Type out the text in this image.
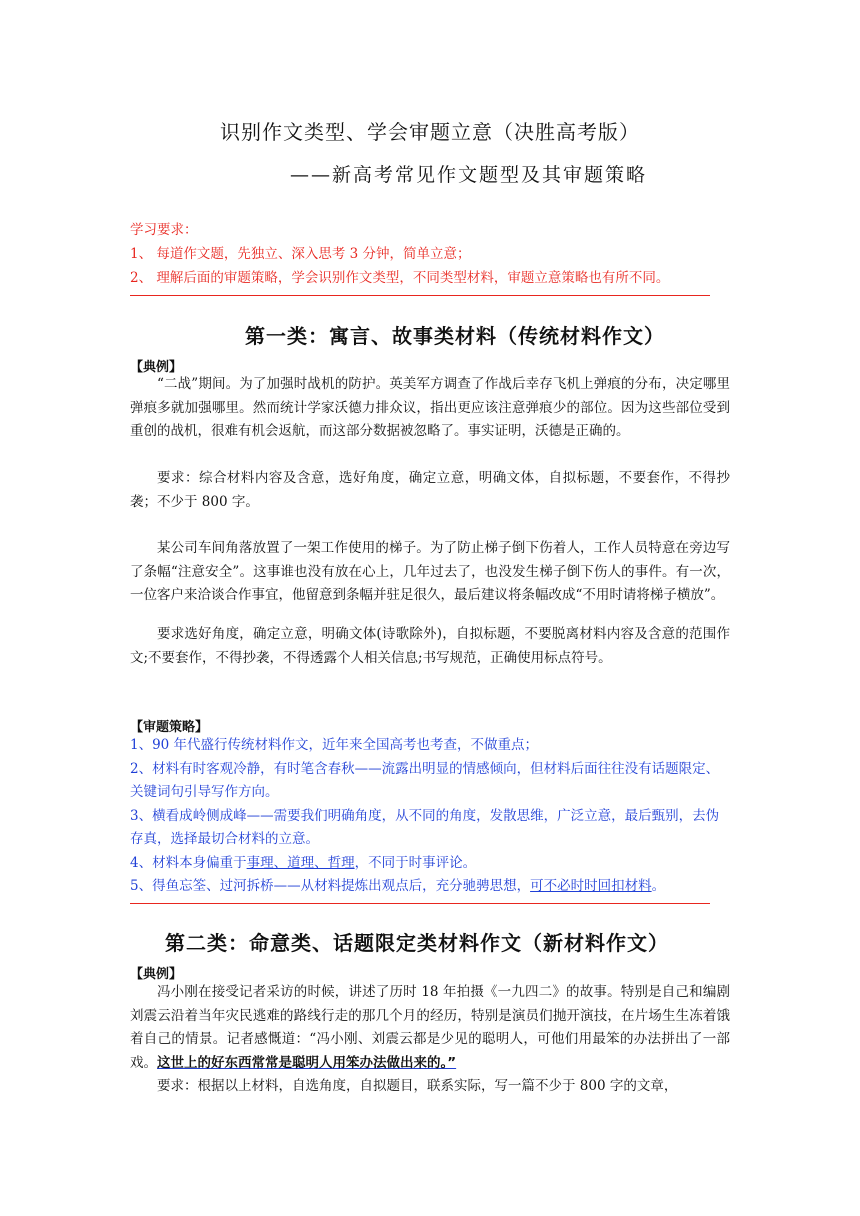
识别作文类型、学会审题立意（决胜高考版）
——新高考常见作文题型及其审题策略
学习要求：
1、 每道作文题，先独立、深入思考 3 分钟，简单立意；
2、 理解后面的审题策略，学会识别作文类型，不同类型材料，审题立意策略也有所不同。
第一类：寓言、故事类材料（传统材料作文）
【典例】

“二战”期间。为了加强时战机的防护。英美军方调查了作战后幸存飞机上弹痕的分布，决定哪里弹痕多就加强哪里。然而统计学家沃德力排众议，指出更应该注意弹痕少的部位。因为这些部位受到重创的战机，很难有机会返航，而这部分数据被忽略了。事实证明，沃德是正确的。

要求：综合材料内容及含意，选好角度，确定立意，明确文体，自拟标题，不要套作，不得抄袭；不少于 800 字。

某公司车间角落放置了一架工作使用的梯子。为了防止梯子倒下伤着人，工作人员特意在旁边写了条幅“注意安全”。这事谁也没有放在心上，几年过去了，也没发生梯子倒下伤人的事件。有一次，一位客户来洽谈合作事宜，他留意到条幅并驻足很久，最后建议将条幅改成“不用时请将梯子横放”。

要求选好角度，确定立意，明确文体(诗歌除外)，自拟标题，不要脱离材料内容及含意的范围作文;不要套作，不得抄袭，不得透露个人相关信息;书写规范，正确使用标点符号。

【审题策略】
1、90 年代盛行传统材料作文，近年来全国高考也考查，不做重点；
2、材料有时客观冷静，有时笔含春秋——流露出明显的情感倾向，但材料后面往往没有话题限定、关键词句引导写作方向。
3、横看成岭侧成峰——需要我们明确角度，从不同的角度，发散思维，广泛立意，最后甄别，去伪存真，选择最切合材料的立意。
4、材料本身偏重于事理、道理、哲理，不同于时事评论。
5、得鱼忘筌、过河拆桥——从材料提炼出观点后，充分驰骋思想，可不必时时回扣材料。
第二类：命意类、话题限定类材料作文（新材料作文）
【典例】

冯小刚在接受记者采访的时候，讲述了历时 18 年拍摄《一九四二》的故事。特别是自己和编剧刘震云沿着当年灾民逃难的路线行走的那几个月的经历，特别是演员们抛开演技，在片场生生冻着饿着自己的情景。记者感慨道：“冯小刚、刘震云都是少见的聪明人，可他们用最笨的办法拼出了一部戏。这世上的好东西常常是聪明人用笨办法做出来的。”

要求：根据以上材料，自选角度，自拟题目，联系实际，写一篇不少于 800 字的文章，
